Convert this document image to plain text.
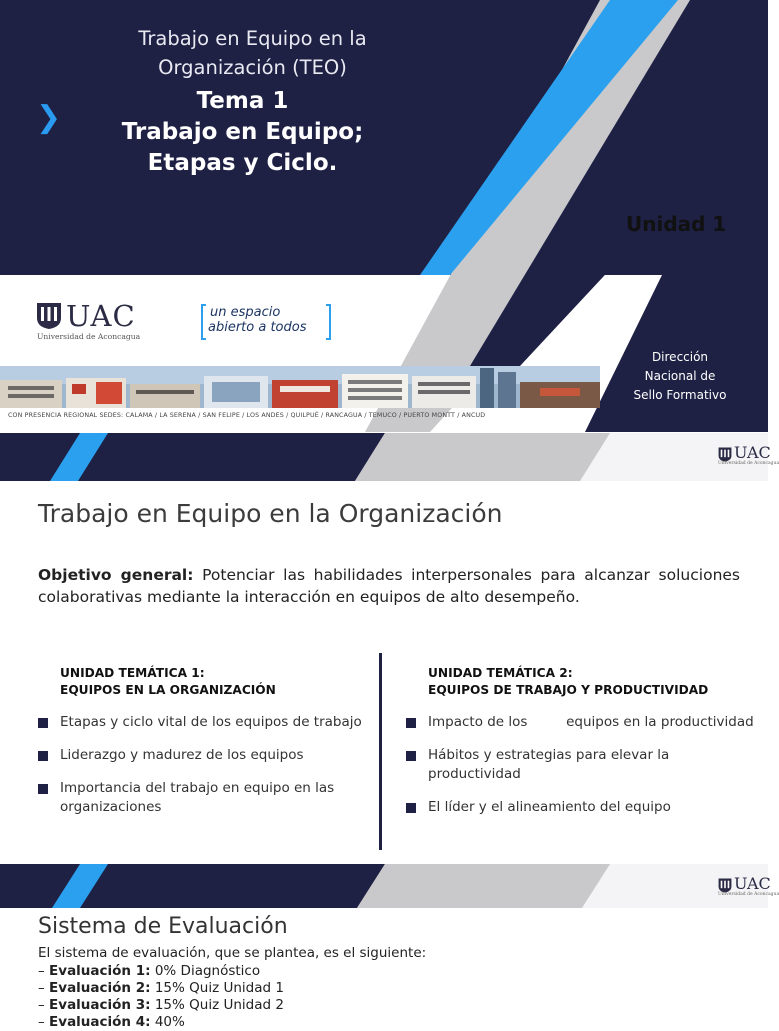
Trabajo en Equipo en la Organización (TEO)
❯	Tema 1
Trabajo en Equipo;
Etapas y Ciclo.
Unidad 1
UAC
Universidad de Aconcagua
un espacio
abierto a todos
CON PRESENCIA REGIONAL SEDES: CALAMA / LA SERENA / SAN FELIPE / LOS ANDES / QUILPUÉ / RANCAGUA / TEMUCO / PUERTO MONTT / ANCUD
Dirección
Nacional de
Sello Formativo
UAC
Universidad de Aconcagua
Trabajo en Equipo en la Organización
Objetivo general: Potenciar las habilidades interpersonales para alcanzar soluciones colaborativas mediante la interacción en equipos de alto desempeño.
UNIDAD TEMÁTICA 1:
EQUIPOS EN LA ORGANIZACIÓN
Etapas y ciclo vital de los equipos de trabajo
Liderazgo y madurez de los equipos
Importancia del trabajo en equipo en las organizaciones
UNIDAD TEMÁTICA 2:
EQUIPOS DE TRABAJO Y PRODUCTIVIDAD
Impacto de los         equipos en la productividad
Hábitos y estrategias para elevar la productividad
El líder y el alineamiento del equipo
UAC
Universidad de Aconcagua
Sistema de Evaluación
El sistema de evaluación, que se plantea, es el siguiente:
– Evaluación 1: 0% Diagnóstico
– Evaluación 2: 15% Quiz Unidad 1
– Evaluación 3: 15% Quiz Unidad 2
– Evaluación 4: 40%
